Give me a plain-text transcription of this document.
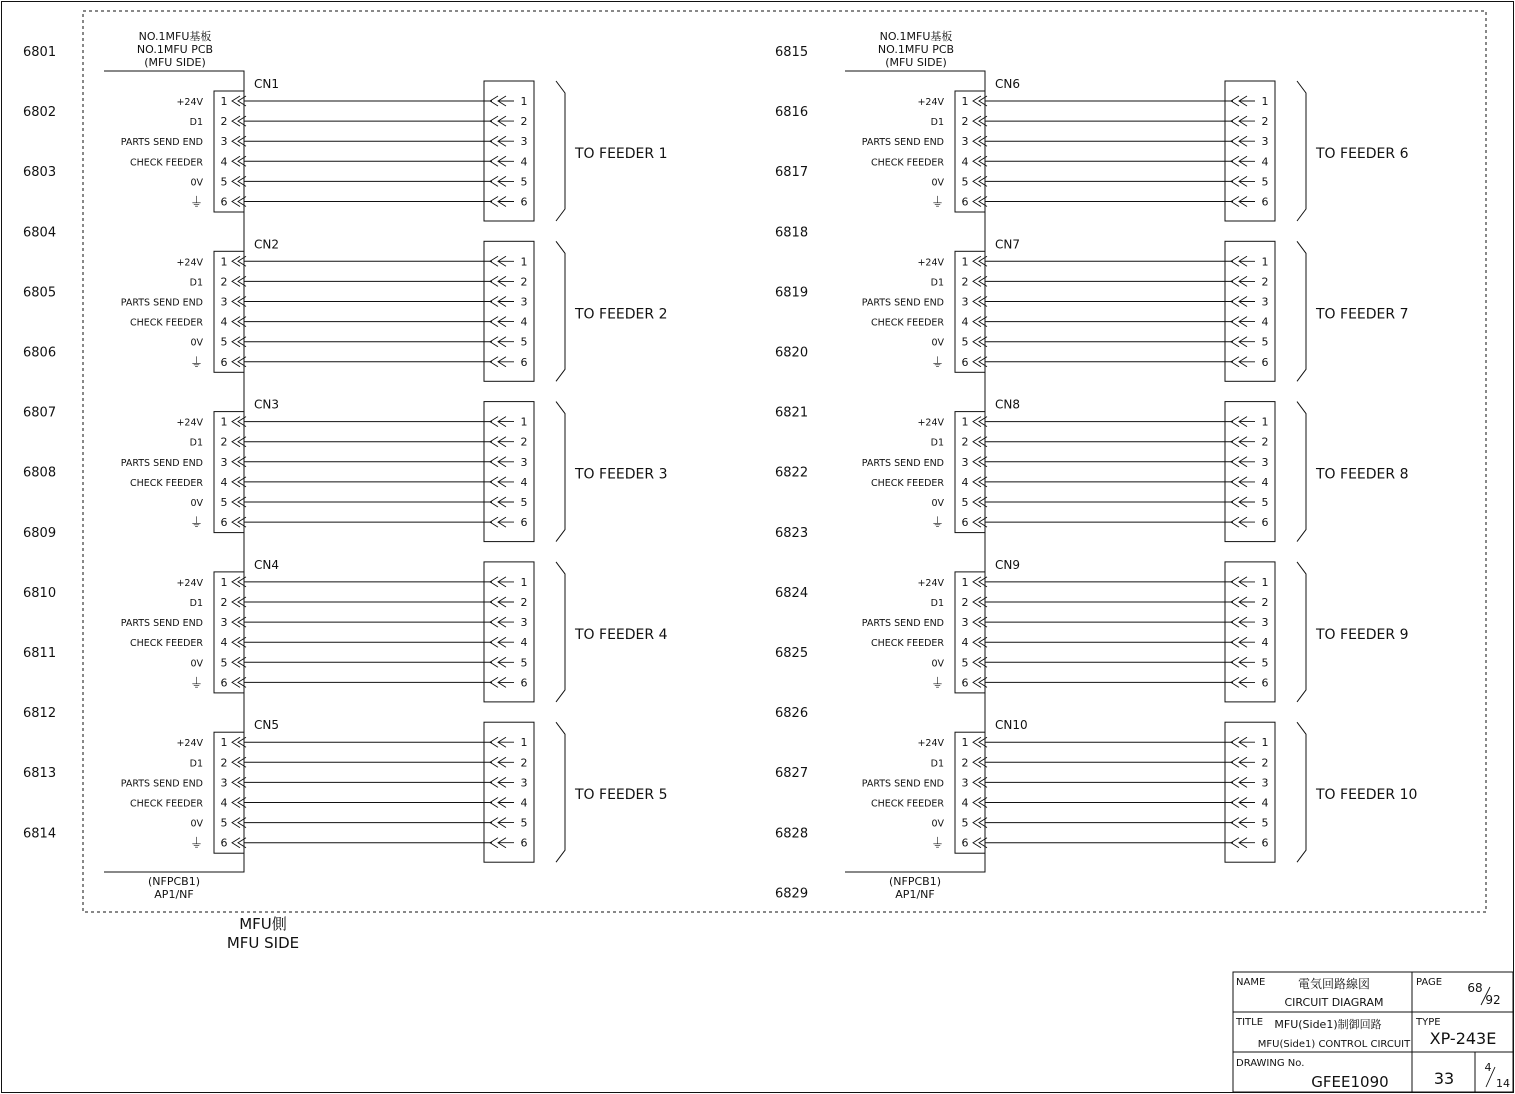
6801
6802
6803
6804
6805
6806
6807
6808
6809
6810
6811
6812
6813
6814
6815
6816
6817
6818
6819
6820
6821
6822
6823
6824
6825
6826
6827
6828
6829
NO.1MFU基板
NO.1MFU PCB
(MFU SIDE)
NO.1MFU基板
NO.1MFU PCB
(MFU SIDE)
(NFPCB1)
AP1/NF
(NFPCB1)
AP1/NF
CN1
+24V 1	1
D1 2	2
PARTS SEND END 3	3
CHECK FEEDER 4	4
0V 5	5
⏚ 6	6
TO FEEDER 1
CN2
+24V 1	1
D1 2	2
PARTS SEND END 3	3
CHECK FEEDER 4	4
0V 5	5
⏚ 6	6
TO FEEDER 2
CN3
+24V 1	1
D1 2	2
PARTS SEND END 3	3
CHECK FEEDER 4	4
0V 5	5
⏚ 6	6
TO FEEDER 3
CN4
+24V 1	1
D1 2	2
PARTS SEND END 3	3
CHECK FEEDER 4	4
0V 5	5
⏚ 6	6
TO FEEDER 4
CN5
+24V 1	1
D1 2	2
PARTS SEND END 3	3
CHECK FEEDER 4	4
0V 5	5
⏚ 6	6
TO FEEDER 5
CN6
+24V 1	1
D1 2	2
PARTS SEND END 3	3
CHECK FEEDER 4	4
0V 5	5
⏚ 6	6
TO FEEDER 6
CN7
+24V 1	1
D1 2	2
PARTS SEND END 3	3
CHECK FEEDER 4	4
0V 5	5
⏚ 6	6
TO FEEDER 7
CN8
+24V 1	1
D1 2	2
PARTS SEND END 3	3
CHECK FEEDER 4	4
0V 5	5
⏚ 6	6
TO FEEDER 8
CN9
+24V 1	1
D1 2	2
PARTS SEND END 3	3
CHECK FEEDER 4	4
0V 5	5
⏚ 6	6
TO FEEDER 9
CN10
+24V 1	1
D1 2	2
PARTS SEND END 3	3
CHECK FEEDER 4	4
0V 5	5
⏚ 6	6
TO FEEDER 10
MFU側
MFU SIDE
NAME	電気回路線図
CIRCUIT DIAGRAM
PAGE 68
92
TITLE MFU(Side1)制御回路
MFU(Side1) CONTROL CIRCUIT
TYPE
XP-243E
DRAWING No.
GFEE1090	33
4
14
